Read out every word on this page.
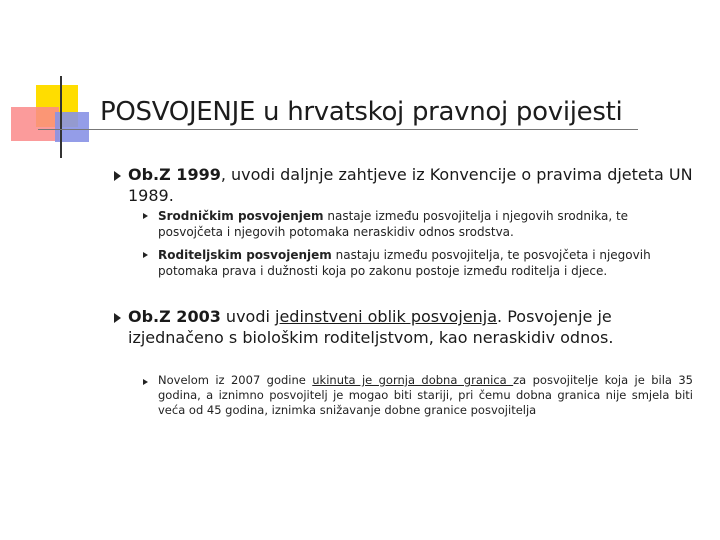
POSVOJENJE u hrvatskoj pravnoj povijesti
Ob.Z 1999, uvodi daljnje zahtjeve iz Konvencije o pravima djeteta UN 1989.
Srodničkim posvojenjem nastaje između posvojitelja i njegovih srodnika, te posvojčeta i njegovih potomaka neraskidiv odnos srodstva.
Roditeljskim posvojenjem nastaju između posvojitelja, te posvojčeta i njegovih potomaka prava i dužnosti koja po zakonu postoje između roditelja i djece.
Ob.Z 2003 uvodi jedinstveni oblik posvojenja. Posvojenje je izjednačeno s biološkim roditeljstvom, kao neraskidiv odnos.
Novelom iz 2007 godine ukinuta je gornja dobna granica za posvojitelje koja je bila 35 godina, a iznimno posvojitelj je mogao biti stariji, pri čemu dobna granica nije smjela biti veća od 45 godina, iznimka snižavanje dobne granice posvojitelja
